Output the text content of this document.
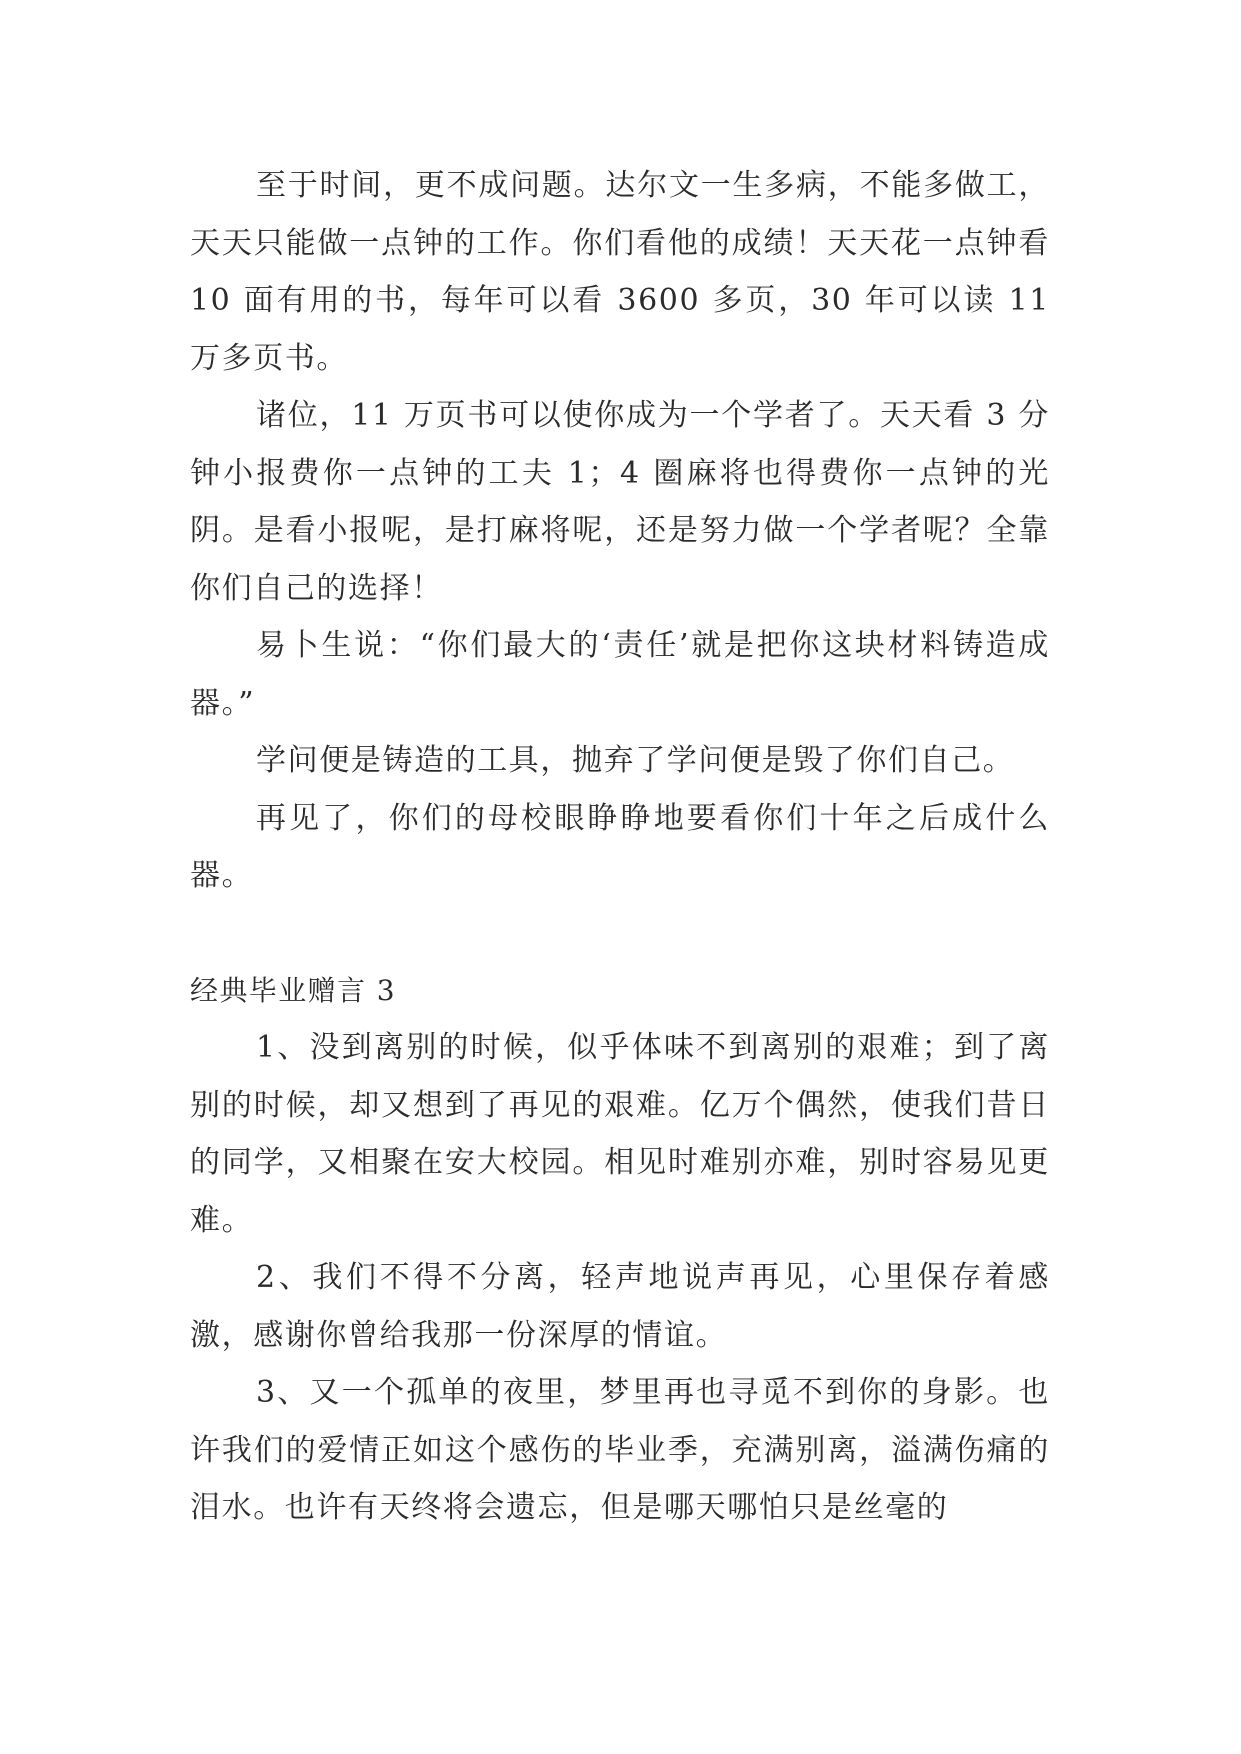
至于时间，更不成问题。达尔文一生多病，不能多做工，天天只能做一点钟的工作。你们看他的成绩！天天花一点钟看 10 面有用的书，每年可以看 3600 多页，30 年可以读 11 万多页书。

诸位，11 万页书可以使你成为一个学者了。天天看 3 分钟小报费你一点钟的工夫 1；4 圈麻将也得费你一点钟的光阴。是看小报呢，是打麻将呢，还是努力做一个学者呢？全靠你们自己的选择！

易卜生说：“你们最大的‘责任’就是把你这块材料铸造成器。”

学问便是铸造的工具，抛弃了学问便是毁了你们自己。

再见了，你们的母校眼睁睁地要看你们十年之后成什么器。

经典毕业赠言 3

1、没到离别的时候，似乎体味不到离别的艰难；到了离别的时候，却又想到了再见的艰难。亿万个偶然，使我们昔日的同学，又相聚在安大校园。相见时难别亦难，别时容易见更难。

2、我们不得不分离，轻声地说声再见，心里保存着感激，感谢你曾给我那一份深厚的情谊。

3、又一个孤单的夜里，梦里再也寻觅不到你的身影。也许我们的爱情正如这个感伤的毕业季，充满别离，溢满伤痛的泪水。也许有天终将会遗忘，但是哪天哪怕只是丝毫的
